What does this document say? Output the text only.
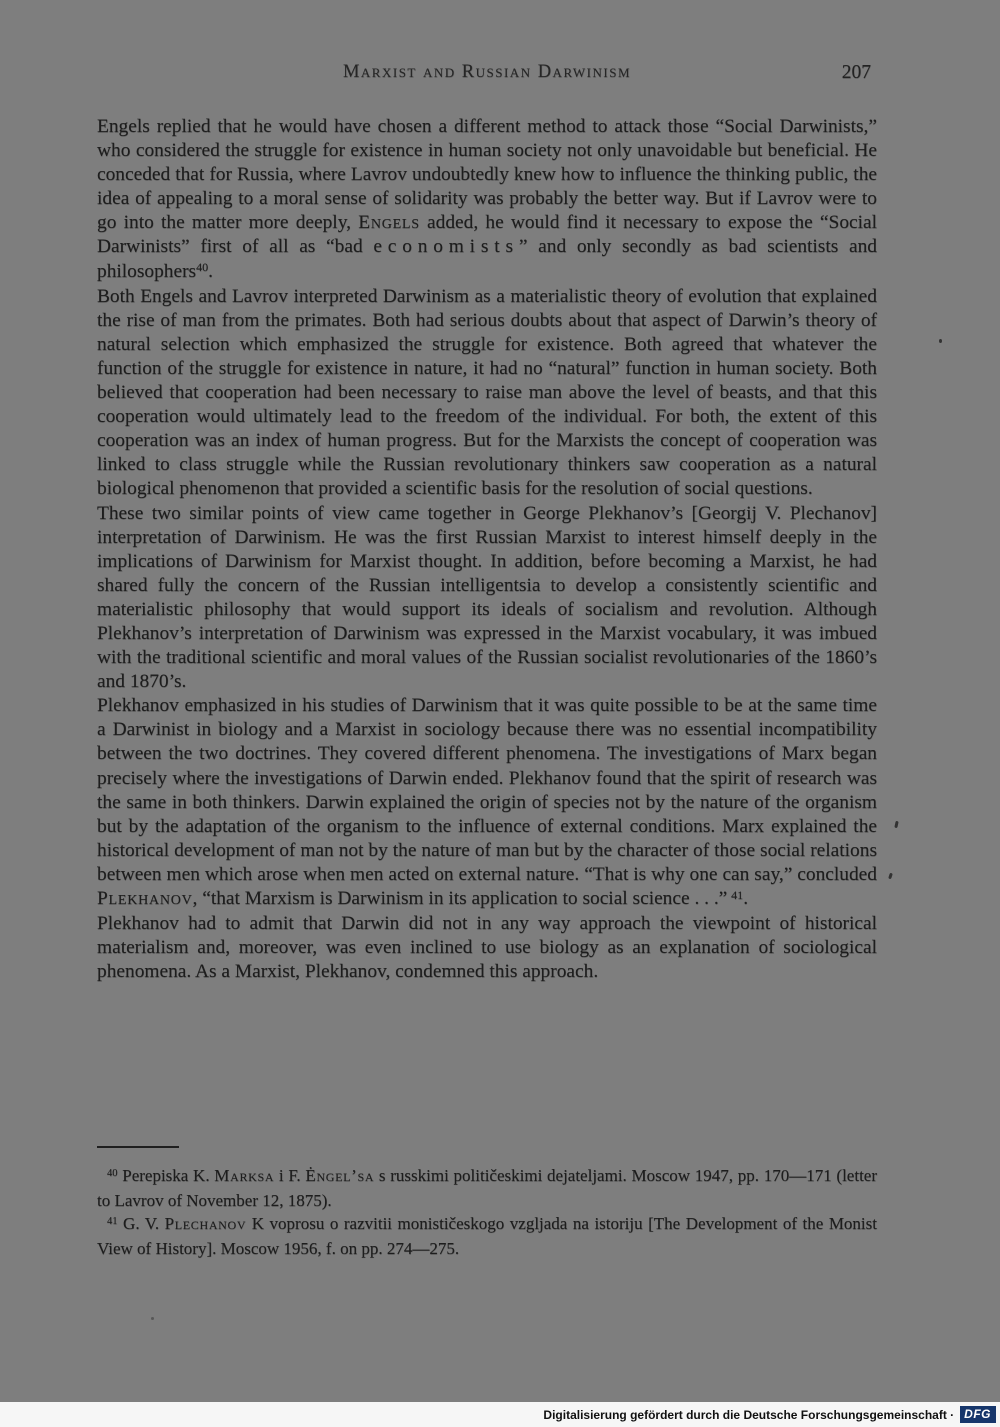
Marxist and Russian Darwinism	207

Engels replied that he would have chosen a different method to attack those “Social Darwinists,” who considered the struggle for existence in human society not only unavoidable but beneficial. He conceded that for Russia, where Lavrov undoubtedly knew how to influence the thinking public, the idea of appealing to a moral sense of solidarity was probably the better way. But if Lavrov were to go into the matter more deeply, Engels added, he would find it necessary to expose the “Social Darwinists” first of all as “bad economists” and only secondly as bad scientists and philosophers$^{40}$.

Both Engels and Lavrov interpreted Darwinism as a materialistic theory of evolution that explained the rise of man from the primates. Both had serious doubts about that aspect of Darwin’s theory of natural selection which emphasized the struggle for existence. Both agreed that whatever the function of the struggle for existence in nature, it had no “natural” function in human society. Both believed that cooperation had been necessary to raise man above the level of beasts, and that this cooperation would ultimately lead to the freedom of the individual. For both, the extent of this cooperation was an index of human progress. But for the Marxists the concept of cooperation was linked to class struggle while the Russian revolutionary thinkers saw cooperation as a natural biological phenomenon that provided a scientific basis for the resolution of social questions.

These two similar points of view came together in George Plekhanov’s [Georgij V. Plechanov] interpretation of Darwinism. He was the first Russian Marxist to interest himself deeply in the implications of Darwinism for Marxist thought. In addition, before becoming a Marxist, he had shared fully the concern of the Russian intelligentsia to develop a consistently scientific and materialistic philosophy that would support its ideals of socialism and revolution. Although Plekhanov’s interpretation of Darwinism was expressed in the Marxist vocabulary, it was imbued with the traditional scientific and moral values of the Russian socialist revolutionaries of the 1860’s and 1870’s.

Plekhanov emphasized in his studies of Darwinism that it was quite possible to be at the same time a Darwinist in biology and a Marxist in sociology because there was no essential incompatibility between the two doctrines. They covered different phenomena. The investigations of Marx began precisely where the investigations of Darwin ended. Plekhanov found that the spirit of research was the same in both thinkers. Darwin explained the origin of species not by the nature of the organism but by the adaptation of the organism to the influence of external conditions. Marx explained the historical development of man not by the nature of man but by the character of those social relations between men which arose when men acted on external nature. “That is why one can say,” concluded Plekhanov, “that Marxism is Darwinism in its application to social science . . .” $^{41}$.

Plekhanov had to admit that Darwin did not in any way approach the viewpoint of historical materialism and, moreover, was even inclined to use biology as an explanation of sociological phenomena. As a Marxist, Plekhanov, condemned this approach.

$^{40}$ Perepiska K. Marksa i F. Ėngel’sa s russkimi političeskimi dejateljami. Moscow 1947, pp. 170—171 (letter to Lavrov of November 12, 1875).

$^{41}$ G. V. Plechanov K voprosu o razvitii monističeskogo vzgljada na istoriju [The Development of the Monist View of History]. Moscow 1956, f. on pp. 274—275.

Digitalisierung gefördert durch die Deutsche Forschungsgemeinschaft · DFG
